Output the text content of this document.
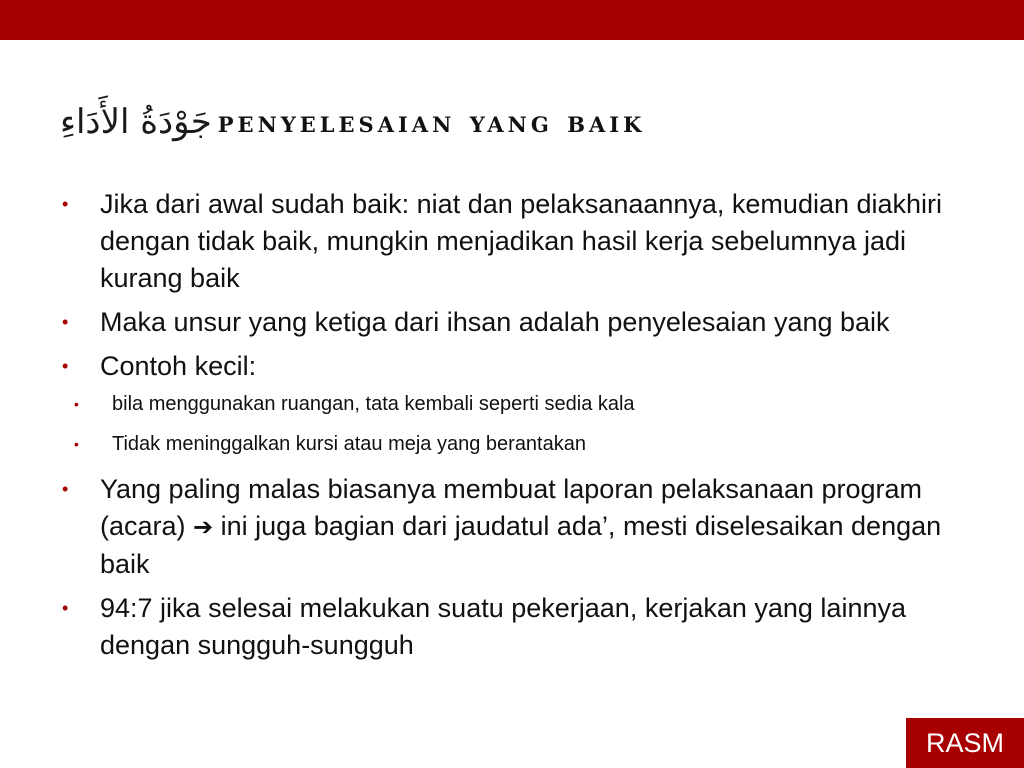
جَوْدَةُ الأَدَاءِ penyelesaian yang baik
• Jika dari awal sudah baik: niat dan pelaksanaannya, kemudian diakhiri dengan tidak baik, mungkin menjadikan hasil kerja sebelumnya jadi kurang baik
• Maka unsur yang ketiga dari ihsan adalah penyelesaian yang baik
• Contoh kecil:
• bila menggunakan ruangan, tata kembali seperti sedia kala
• Tidak meninggalkan kursi atau meja yang berantakan
• Yang paling malas biasanya membuat laporan pelaksanaan program (acara) ➔ ini juga bagian dari jaudatul ada’, mesti diselesaikan dengan baik
• 94:7 jika selesai melakukan suatu pekerjaan, kerjakan yang lainnya dengan sungguh-sungguh
RASM
